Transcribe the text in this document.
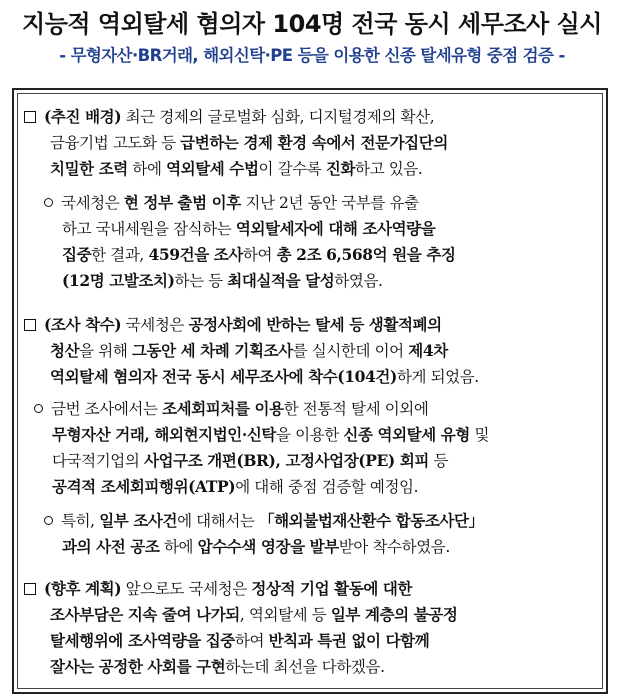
지능적 역외탈세 혐의자 104명 전국 동시 세무조사 실시
- 무형자산·BR거래, 해외신탁·PE 등을 이용한 신종 탈세유형 중점 검증 -
(추진 배경) 최근 경제의 글로벌화 심화, 디지털경제의 확산,
금융기법 고도화 등 급변하는 경제 환경 속에서 전문가집단의
치밀한 조력 하에 역외탈세 수법이 갈수록 진화하고 있음.
국세청은 현 정부 출범 이후 지난 2년 동안 국부를 유출
하고 국내세원을 잠식하는 역외탈세자에 대해 조사역량을
집중한 결과, 459건을 조사하여 총 2조 6,568억 원을 추징
(12명 고발조치)하는 등 최대실적을 달성하였음.
(조사 착수) 국세청은 공정사회에 반하는 탈세 등 생활적폐의
청산을 위해 그동안 세 차례 기획조사를 실시한데 이어 제4차
역외탈세 혐의자 전국 동시 세무조사에 착수(104건)하게 되었음.
금번 조사에서는 조세회피처를 이용한 전통적 탈세 이외에
무형자산 거래, 해외현지법인·신탁을 이용한 신종 역외탈세 유형 및
다국적기업의 사업구조 개편(BR), 고정사업장(PE) 회피 등
공격적 조세회피행위(ATP)에 대해 중점 검증할 예정임.
특히, 일부 조사건에 대해서는 「해외불법재산환수 합동조사단」
과의 사전 공조 하에 압수수색 영장을 발부받아 착수하였음.
(향후 계획) 앞으로도 국세청은 정상적 기업 활동에 대한
조사부담은 지속 줄여 나가되, 역외탈세 등 일부 계층의 불공정
탈세행위에 조사역량을 집중하여 반칙과 특권 없이 다함께
잘사는 공정한 사회를 구현하는데 최선을 다하겠음.
